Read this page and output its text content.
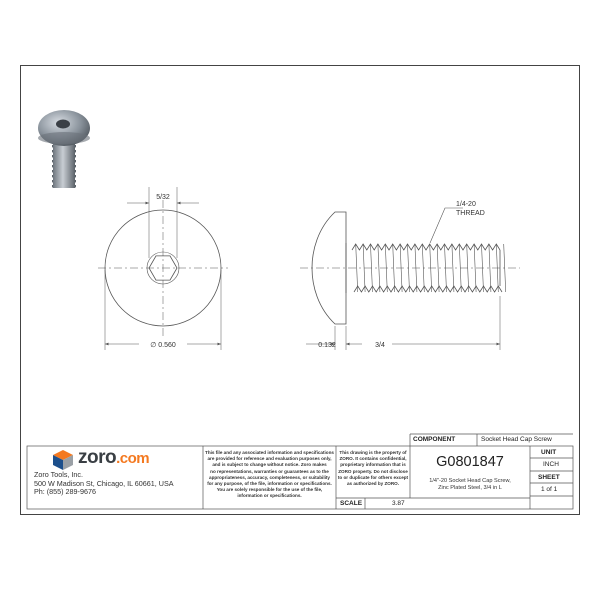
5/32
∅ 0.560	3/4
0.132
1/4-20
THREAD
zoro.com
Zoro Tools, Inc.
500 W Madison St, Chicago, IL 60661, USA
Ph: (855) 289-9676
This file and any associated information and specifications
are provided for reference and evaluation purposes only,
and is subject to change without notice. Zoro makes
no representations, warranties or guarantees as to the
appropriateness, accuracy, completeness, or suitability
for any purpose, of the file, information or specifications.
You are solely responsible for the use of the file,
information or specifications.
This drawing is the property of
ZORO. It contains confidential,
proprietary information that is
ZORO property. Do not disclose
to or duplicate for others except
as authorized by ZORO.
COMPONENT	Socket Head Cap Screw
G0801847
1/4"-20 Socket Head Cap Screw,
Zinc Plated Steel, 3/4 in L
SCALE	3.87
UNIT
INCH
SHEET
1 of 1
